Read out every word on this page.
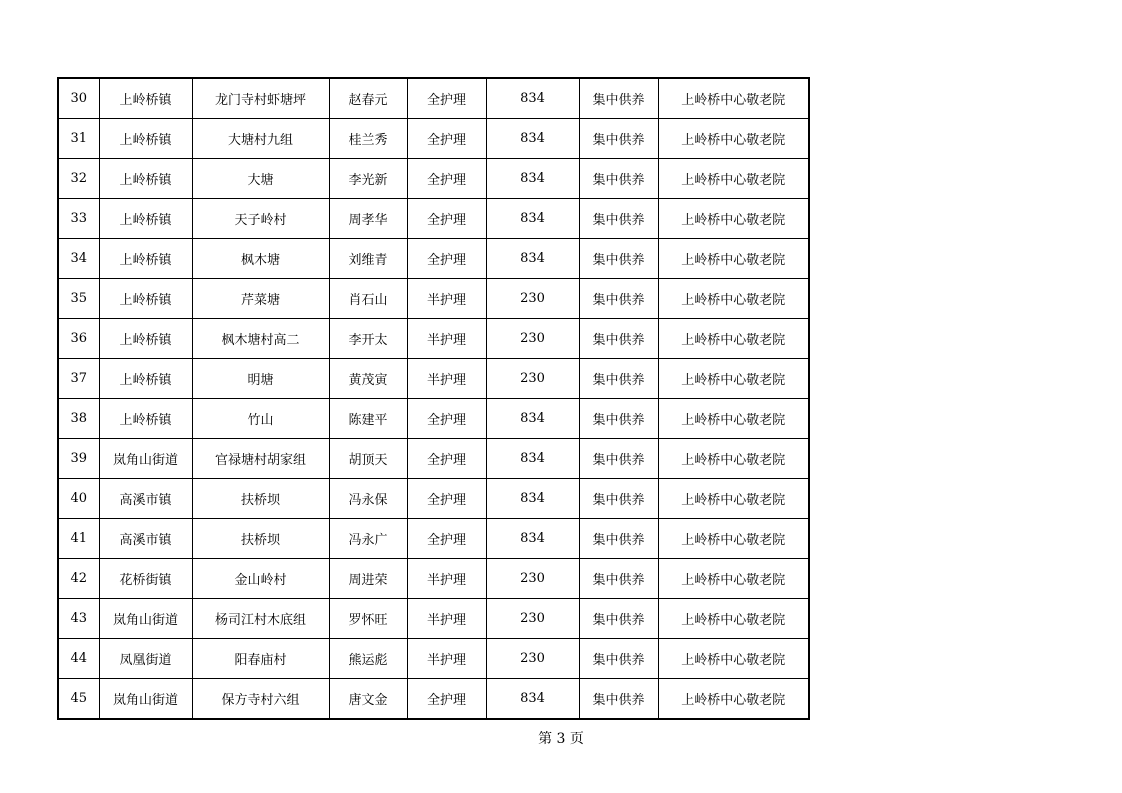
30	上岭桥镇	龙门寺村虾塘坪	赵春元	全护理	834	集中供养	上岭桥中心敬老院
31	上岭桥镇	大塘村九组	桂兰秀	全护理	834	集中供养	上岭桥中心敬老院
32	上岭桥镇	大塘	李光新	全护理	834	集中供养	上岭桥中心敬老院
33	上岭桥镇	天子岭村	周孝华	全护理	834	集中供养	上岭桥中心敬老院
34	上岭桥镇	枫木塘	刘维青	全护理	834	集中供养	上岭桥中心敬老院
35	上岭桥镇	芹菜塘	肖石山	半护理	230	集中供养	上岭桥中心敬老院
36	上岭桥镇	枫木塘村高二	李开太	半护理	230	集中供养	上岭桥中心敬老院
37	上岭桥镇	明塘	黄茂寅	半护理	230	集中供养	上岭桥中心敬老院
38	上岭桥镇	竹山	陈建平	全护理	834	集中供养	上岭桥中心敬老院
39	岚角山街道	官禄塘村胡家组	胡顶天	全护理	834	集中供养	上岭桥中心敬老院
40	高溪市镇	扶桥坝	冯永保	全护理	834	集中供养	上岭桥中心敬老院
41	高溪市镇	扶桥坝	冯永广	全护理	834	集中供养	上岭桥中心敬老院
42	花桥街镇	金山岭村	周进荣	半护理	230	集中供养	上岭桥中心敬老院
43	岚角山街道	杨司江村木底组	罗怀旺	半护理	230	集中供养	上岭桥中心敬老院
44	凤凰街道	阳春庙村	熊运彪	半护理	230	集中供养	上岭桥中心敬老院
45	岚角山街道	保方寺村六组	唐文金	全护理	834	集中供养	上岭桥中心敬老院
第 3 页
